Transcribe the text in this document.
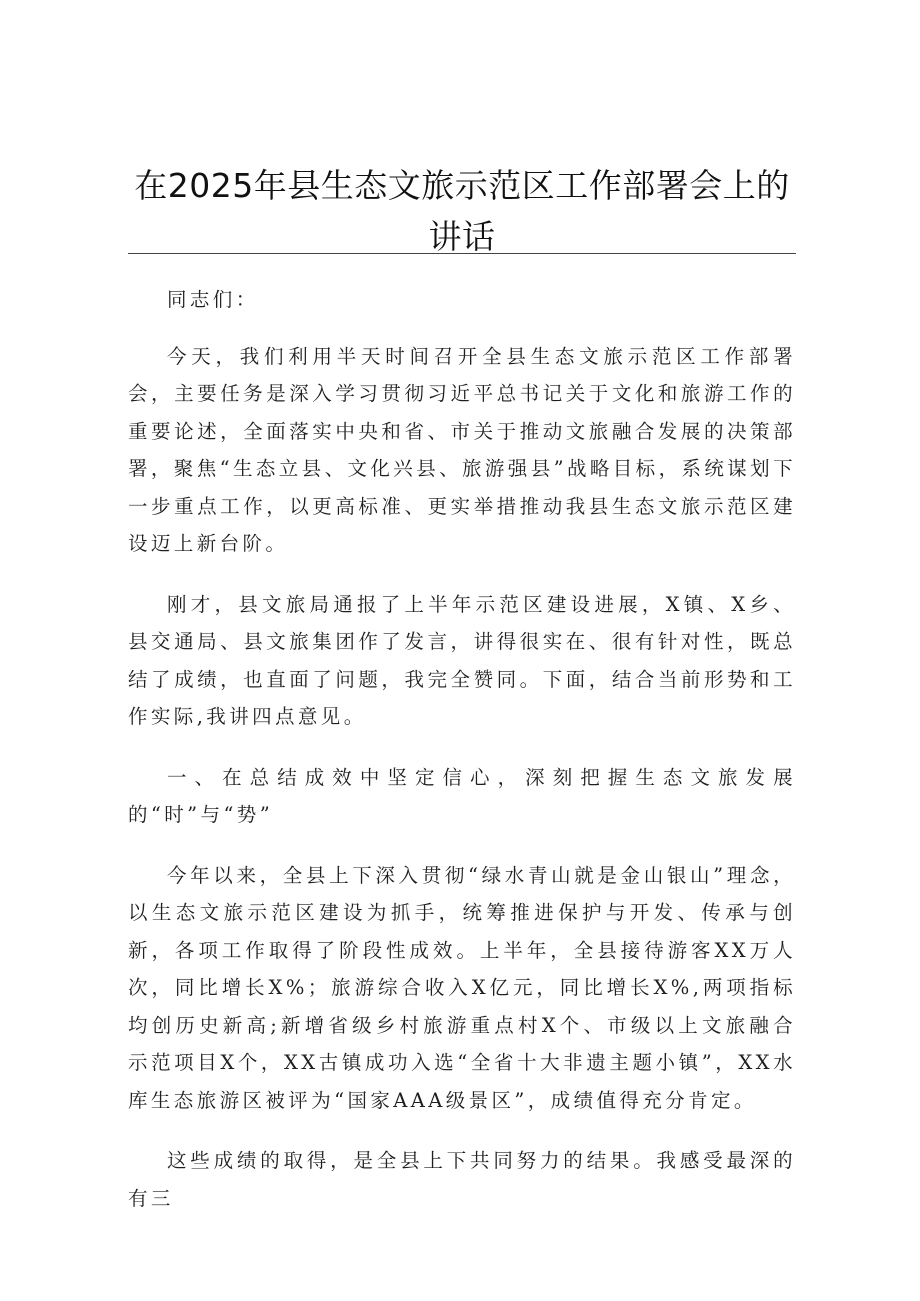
在2025年县生态文旅示范区工作部署会上的
讲话

同志们：

今天，我们利用半天时间召开全县生态文旅示范区工作部署会，主要任务是深入学习贯彻习近平总书记关于文化和旅游工作的重要论述，全面落实中央和省、市关于推动文旅融合发展的决策部署，聚焦“生态立县、文化兴县、旅游强县”战略目标，系统谋划下一步重点工作，以更高标准、更实举措推动我县生态文旅示范区建设迈上新台阶。

刚才，县文旅局通报了上半年示范区建设进展，X镇、X乡、县交通局、县文旅集团作了发言，讲得很实在、很有针对性，既总结了成绩，也直面了问题，我完全赞同。下面，结合当前形势和工作实际,我讲四点意见。

一、在总结成效中坚定信心，深刻把握生态文旅发展的“时”与“势”

今年以来，全县上下深入贯彻“绿水青山就是金山银山”理念，以生态文旅示范区建设为抓手，统筹推进保护与开发、传承与创新，各项工作取得了阶段性成效。上半年，全县接待游客XX万人次，同比增长X%；旅游综合收入X亿元，同比增长X%,两项指标均创历史新高;新增省级乡村旅游重点村X个、市级以上文旅融合示范项目X个，XX古镇成功入选“全省十大非遗主题小镇”，XX水库生态旅游区被评为“国家AAA级景区”，成绩值得充分肯定。

这些成绩的取得，是全县上下共同努力的结果。我感受最深的有三
